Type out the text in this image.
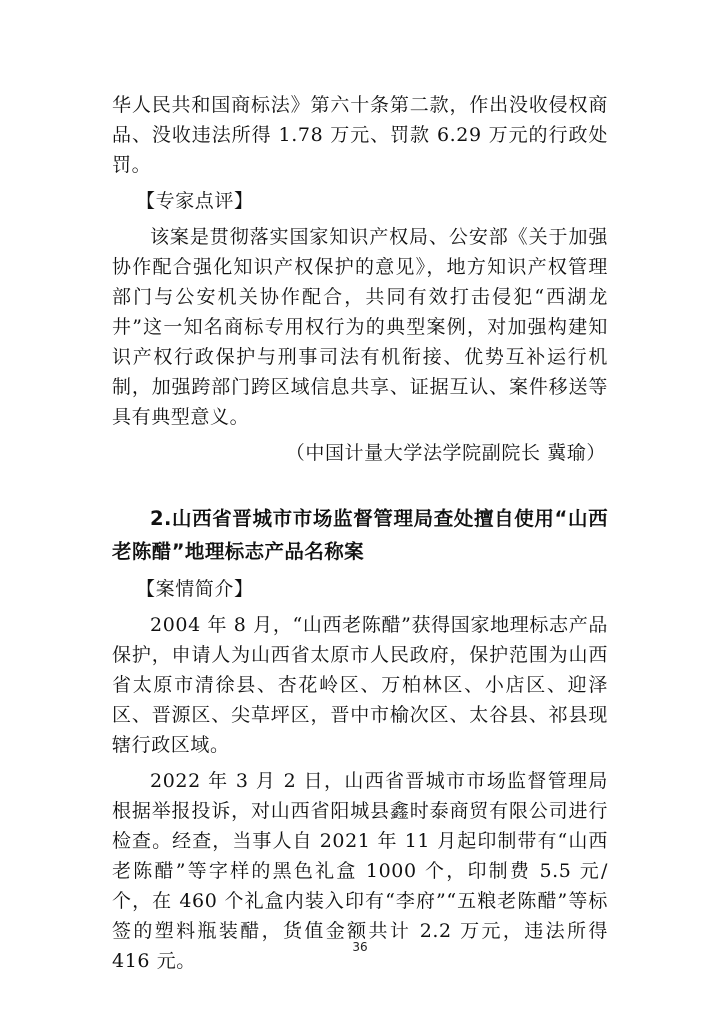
华人民共和国商标法》第六十条第二款，作出没收侵权商品、没收违法所得 1.78 万元、罚款 6.29 万元的行政处罚。

【专家点评】

该案是贯彻落实国家知识产权局、公安部《关于加强协作配合强化知识产权保护的意见》，地方知识产权管理部门与公安机关协作配合，共同有效打击侵犯“西湖龙井”这一知名商标专用权行为的典型案例，对加强构建知识产权行政保护与刑事司法有机衔接、优势互补运行机制，加强跨部门跨区域信息共享、证据互认、案件移送等具有典型意义。

（中国计量大学法学院副院长 冀瑜）

2.山西省晋城市市场监督管理局查处擅自使用“山西老陈醋”地理标志产品名称案

【案情简介】

2004 年 8 月，“山西老陈醋”获得国家地理标志产品保护，申请人为山西省太原市人民政府，保护范围为山西省太原市清徐县、杏花岭区、万柏林区、小店区、迎泽区、晋源区、尖草坪区，晋中市榆次区、太谷县、祁县现辖行政区域。

2022 年 3 月 2 日，山西省晋城市市场监督管理局根据举报投诉，对山西省阳城县鑫时泰商贸有限公司进行检查。经查，当事人自 2021 年 11 月起印制带有“山西老陈醋”等字样的黑色礼盒 1000 个，印制费 5.5 元/个，在 460 个礼盒内装入印有“李府”“五粮老陈醋”等标签的塑料瓶装醋，货值金额共计 2.2 万元，违法所得 416 元。

36
